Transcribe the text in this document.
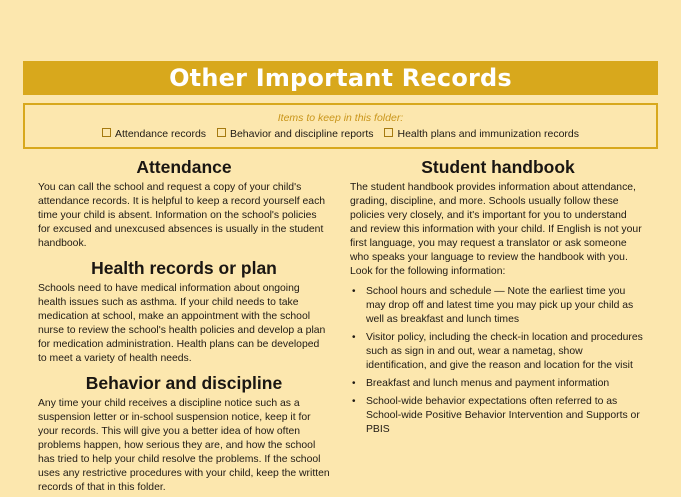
Other Important Records
Items to keep in this folder:
Attendance records Behavior and discipline reports Health plans and immunization records
Attendance

You can call the school and request a copy of your child's attendance records. It is helpful to keep a record yourself each time your child is absent. Information on the school's policies for excused and unexcused absences is usually in the student handbook.

Health records or plan

Schools need to have medical information about ongoing health issues such as asthma. If your child needs to take medication at school, make an appointment with the school nurse to review the school's health policies and develop a plan for medication administration. Health plans can be developed to meet a variety of health needs.

Behavior and discipline

Any time your child receives a discipline notice such as a suspension letter or in-school suspension notice, keep it for your records. This will give you a better idea of how often problems happen, how serious they are, and how the school has tried to help your child resolve the problems. If the school uses any restrictive procedures with your child, keep the written records of that in this folder.

Student handbook

The student handbook provides information about attendance, grading, discipline, and more. Schools usually follow these policies very closely, and it's important for you to understand and review this information with your child. If English is not your first language, you may request a translator or ask someone who speaks your language to review the handbook with you. Look for the following information:

• School hours and schedule — Note the earliest time you may drop off and latest time you may pick up your child as well as breakfast and lunch times
• Visitor policy, including the check-in location and procedures such as sign in and out, wear a nametag, show identification, and give the reason and location for the visit
• Breakfast and lunch menus and payment information
• School-wide behavior expectations often referred to as School-wide Positive Behavior Intervention and Supports or PBIS
